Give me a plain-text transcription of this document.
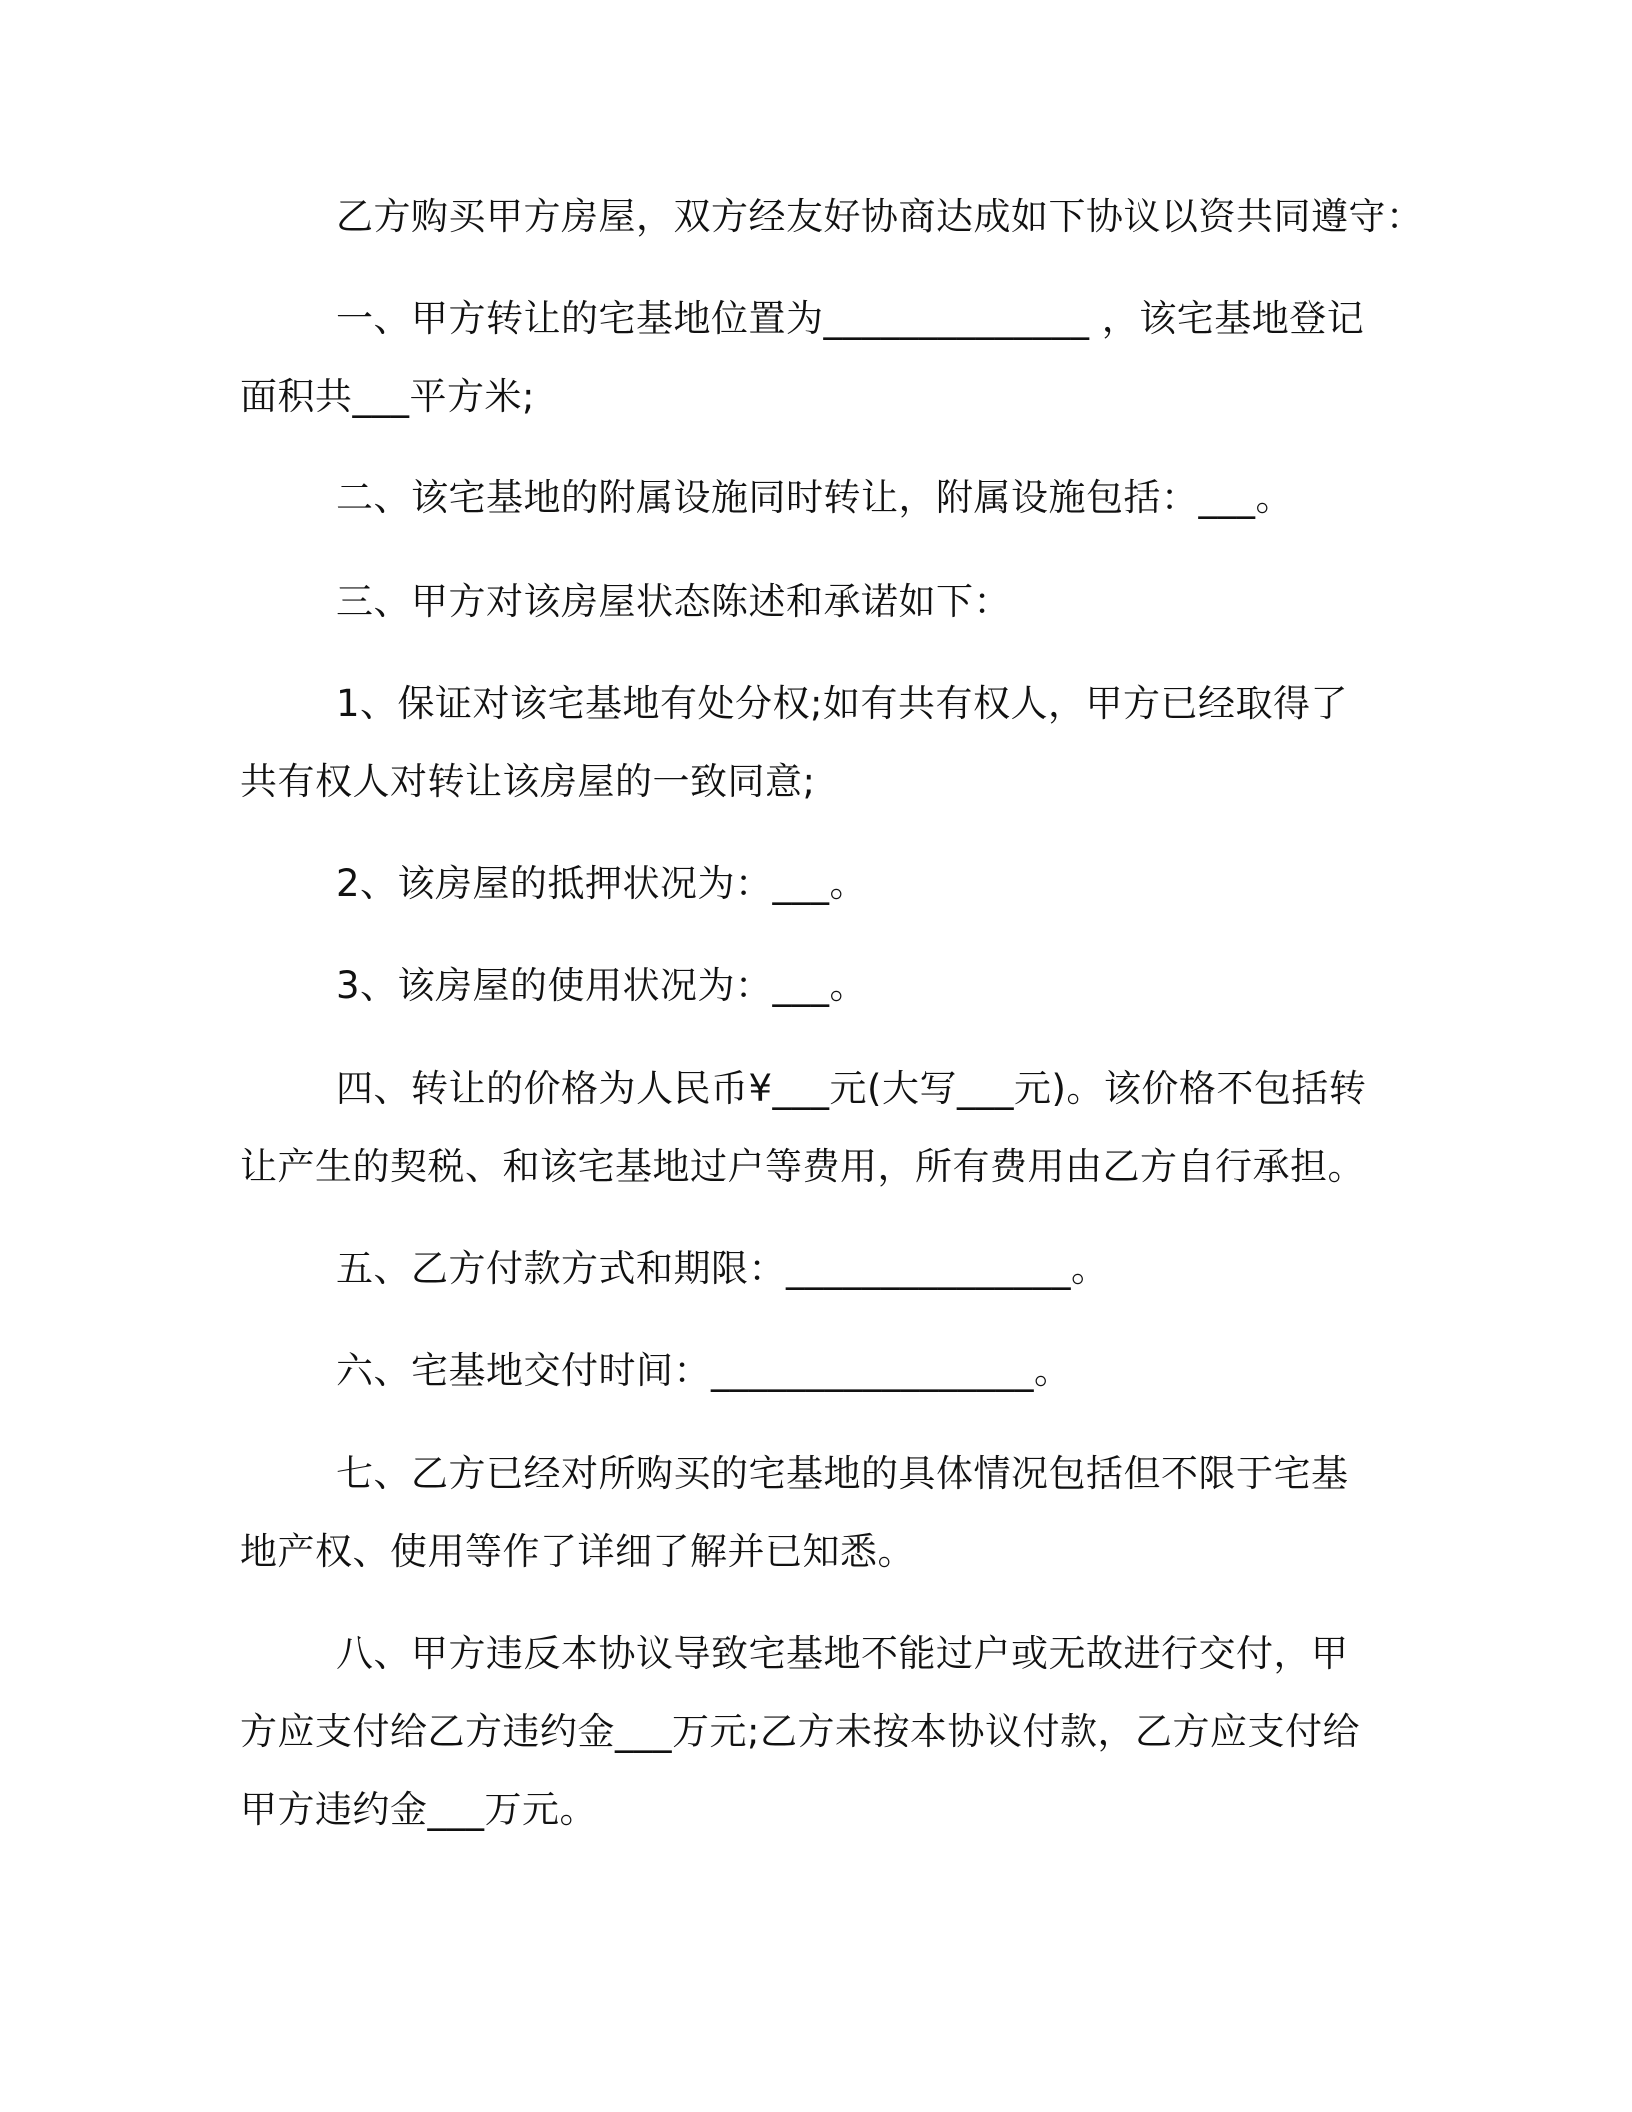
乙方购买甲方房屋，双方经友好协商达成如下协议以资共同遵守：

一、甲方转让的宅基地位置为______________ ，该宅基地登记面积共___平方米;

二、该宅基地的附属设施同时转让，附属设施包括：___。

三、甲方对该房屋状态陈述和承诺如下：

1、保证对该宅基地有处分权;如有共有权人，甲方已经取得了共有权人对转让该房屋的一致同意;

2、该房屋的抵押状况为：___。

3、该房屋的使用状况为：___。

四、转让的价格为人民币¥___元(大写___元)。该价格不包括转让产生的契税、和该宅基地过户等费用，所有费用由乙方自行承担。

五、乙方付款方式和期限：_______________。

六、宅基地交付时间：_________________。

七、乙方已经对所购买的宅基地的具体情况包括但不限于宅基地产权、使用等作了详细了解并已知悉。

八、甲方违反本协议导致宅基地不能过户或无故进行交付，甲方应支付给乙方违约金___万元;乙方未按本协议付款，乙方应支付给甲方违约金___万元。
